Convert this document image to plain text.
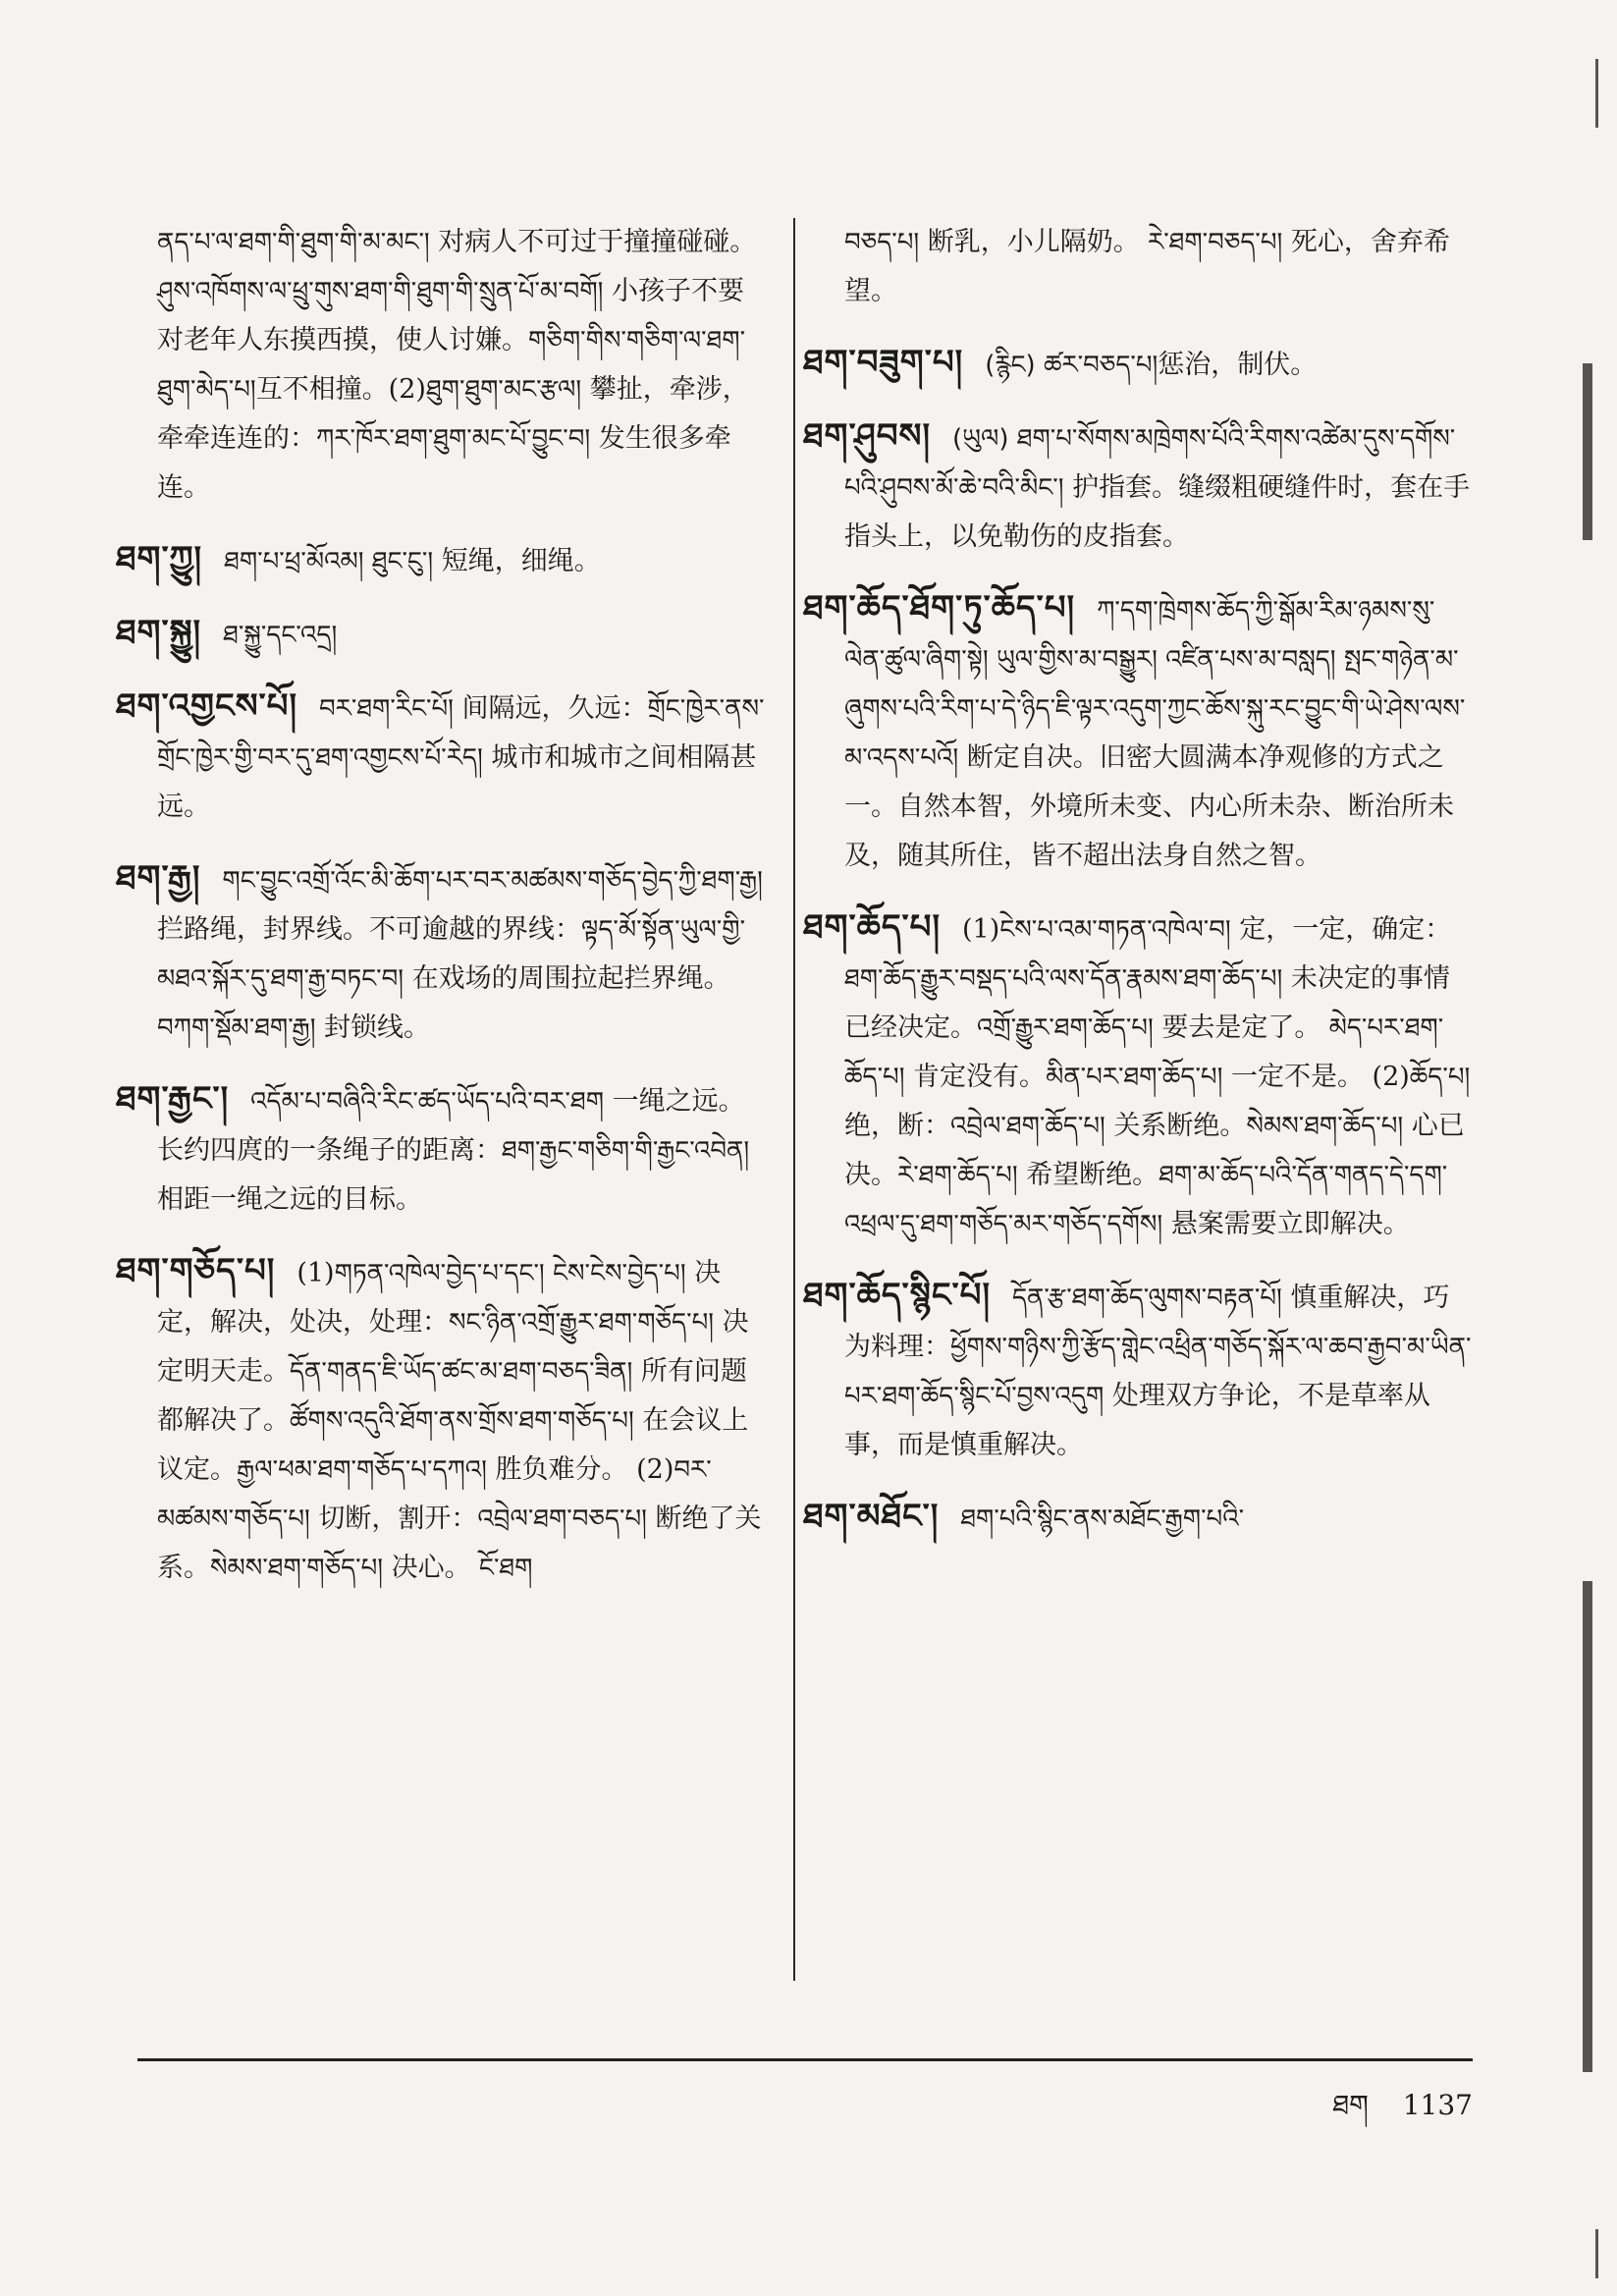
ནད་པ་ལ་ཐག་གི་ཐུག་གི་མ་མང་། 对病人不可过于撞撞碰碰。 ཤུས་འཁོགས་ལ་ཕྲུ་གུས་ཐག་གི་ཐུག་གི་སྲུན་པོ་མ་བགོ། 小孩子不要对老年人东摸西摸，使人讨嫌。གཅིག་གིས་གཅིག་ལ་ཐག་ཐུག་མེད་པ།互不相撞。(2)ཐུག་ཐུག་མང་རྩལ། 攀扯，牵涉，牵牵连连的：ཀར་ཁོར་ཐག་ཐུག་མང་པོ་བྱུང་བ། 发生很多牵连。

ཐག་ཀྱུ། ཐག་པ་ཕྲ་མོའམ། ཐུང་ངུ་། 短绳，细绳。

ཐག་སྐྱུ། ཐ་སྐྱུ་དང་འདྲ།

ཐག་འགྱངས་པོ། བར་ཐག་རིང་པོ། 间隔远，久远：གྲོང་ཁྱེར་ནས་གྲོང་ཁྱེར་གྱི་བར་དུ་ཐག་འགྱངས་པོ་རེད། 城市和城市之间相隔甚远。

ཐག་རྒྱ། གང་བྱུང་འགྲོ་འོང་མི་ཆོག་པར་བར་མཚམས་གཅོད་བྱེད་ཀྱི་ཐག་རྒྱ། 拦路绳，封界线。不可逾越的界线：ལྟད་མོ་སྟོན་ཡུལ་གྱི་མཐའ་སྐོར་དུ་ཐག་རྒྱ་བཏང་བ། 在戏场的周围拉起拦界绳。བཀག་སྡོམ་ཐག་རྒྱ། 封锁线。

ཐག་རྒྱང་། འདོམ་པ་བཞིའི་རིང་ཚད་ཡོད་པའི་བར་ཐག 一绳之远。长约四庹的一条绳子的距离：ཐག་རྒྱང་གཅིག་གི་རྒྱང་འབེན། 相距一绳之远的目标。

ཐག་གཅོད་པ། (1)གཏན་འཁེལ་བྱེད་པ་དང་། ངེས་ངེས་བྱེད་པ། 决定，解决，处决，处理：སང་ཉིན་འགྲོ་རྒྱུར་ཐག་གཅོད་པ། 决定明天走。དོན་གནད་ཇི་ཡོད་ཚང་མ་ཐག་བཅད་ཟིན། 所有问题都解决了。ཚོགས་འདུའི་ཐོག་ནས་གྲོས་ཐག་གཅོད་པ། 在会议上议定。རྒྱལ་ཕམ་ཐག་གཅོད་པ་དཀའ། 胜负难分。 (2)བར་མཚམས་གཅོད་པ། 切断，割开：འབྲེལ་ཐག་བཅད་པ། 断绝了关系。སེམས་ཐག་གཅོད་པ། 决心。 ངོ་ཐག

བཅད་པ། 断乳，小儿隔奶。 རེ་ཐག་བཅད་པ། 死心，舍弃希望。

ཐག་བཟུག་པ། (རྙིང) ཚར་བཅད་པ།惩治，制伏。

ཐག་ཤུབས། (ཡུལ) ཐག་པ་སོགས་མཁྲེགས་པོའི་རིགས་འཚེམ་དུས་དགོས་པའི་ཤུབས་མོ་ཆེ་བའི་མིང་། 护指套。缝缀粗硬缝件时，套在手指头上，以免勒伤的皮指套。

ཐག་ཆོད་ཐོག་ཏུ་ཆོད་པ། ཀ་དག་ཁྲེགས་ཆོད་ཀྱི་སྒོམ་རིམ་ཉམས་སུ་ལེན་ཚུལ་ཞིག་སྟེ། ཡུལ་གྱིས་མ་བསྒྱུར། འཛིན་པས་མ་བསླད། སྤང་གཉེན་མ་ཞུགས་པའི་རིག་པ་དེ་ཉིད་ཇི་ལྟར་འདུག་ཀྱང་ཆོས་སྐུ་རང་བྱུང་གི་ཡེ་ཤེས་ལས་མ་འདས་པའོ། 断定自决。旧密大圆满本净观修的方式之一。自然本智，外境所未变、内心所未杂、断治所未及，随其所住，皆不超出法身自然之智。

ཐག་ཆོད་པ། (1)ངེས་པ་འམ་གཏན་འཁེལ་བ། 定，一定，确定：ཐག་ཆོད་རྒྱུར་བསྡད་པའི་ལས་དོན་རྣམས་ཐག་ཆོད་པ། 未决定的事情已经决定。འགྲོ་རྒྱུར་ཐག་ཆོད་པ། 要去是定了。 མེད་པར་ཐག་ཆོད་པ། 肯定没有。མིན་པར་ཐག་ཆོད་པ། 一定不是。 (2)ཆོད་པ། 绝，断：འབྲེལ་ཐག་ཆོད་པ། 关系断绝。སེམས་ཐག་ཆོད་པ། 心已决。རེ་ཐག་ཆོད་པ། 希望断绝。ཐག་མ་ཆོད་པའི་དོན་གནད་དེ་དག་འཕྲལ་དུ་ཐག་གཅོད་མར་གཅོད་དགོས། 悬案需要立即解决。

ཐག་ཆོད་སྙིང་པོ། དོན་རྩ་ཐག་ཆོད་ལུགས་བརྟན་པོ། 慎重解决，巧为料理：ཕྱོགས་གཉིས་ཀྱི་རྩོད་གླེང་འཕྲིན་གཅོད་སྐོར་ལ་ཆབ་རྒྱབ་མ་ཡིན་པར་ཐག་ཆོད་སྙིང་པོ་བྱས་འདུག 处理双方争论，不是草率从事，而是慎重解决。

ཐག་མཐོང་། ཐག་པའི་སྙིང་ནས་མཐོང་རྒྱག་པའི་

ཐག 1137
